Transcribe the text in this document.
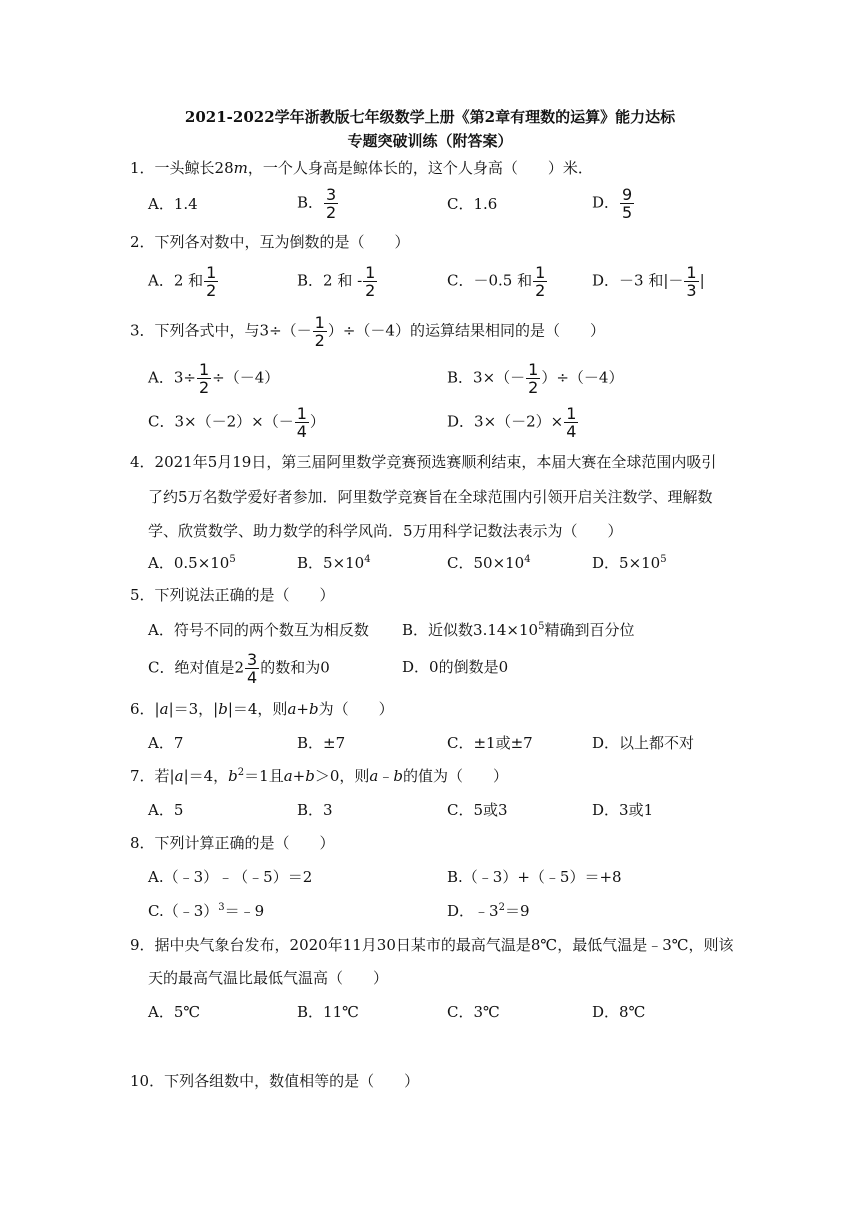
2021-2022学年浙教版七年级数学上册《第2章有理数的运算》能力达标
专题突破训练（附答案）
1．一头鲸长28m，一个人身高是鲸体长的，这个人身高（　　）米．
A．1.4	B． $\frac{3}{2}$	C．1.6	D． $\frac{9}{5}$
2．下列各对数中，互为倒数的是（　　）
A．2 和 $\frac{1}{2}$	B．2 和 - $\frac{1}{2}$	C．－0.5 和 $\frac{1}{2}$	D．－3 和|－ $\frac{1}{3}$ |
3．下列各式中，与$3\div(- \frac{1}{2} )\div(-4)$的运算结果相同的是（　　）
A．$3\div \frac{1}{2} \div(-4)$	B．$3\times(- \frac{1}{2} )\div(-4)$
C．$3\times(-2)\times(- \frac{1}{4}$ ）	D．$3\times(-2)\times \frac{1}{4}$
4．2021年5月19日，第三届阿里数学竞赛预选赛顺利结束，本届大赛在全球范围内吸引
了约5万名数学爱好者参加．阿里数学竞赛旨在全球范围内引领开启关注数学、理解数
学、欣赏数学、助力数学的科学风尚．5万用科学记数法表示为（　　）
A．$0.5\times 10^5$	B．$5\times 10^4$	C．$50\times 10^4$	D．$5\times 10^5$
5．下列说法正确的是（　　）
A．符号不同的两个数互为相反数 B．近似数$3.14\times 10^5$精确到百分位
C．绝对值是$2 \frac{3}{4}$ 的数和为0	D．0的倒数是0
6．|a|＝3，|b|＝4，则a+b为（　　）
A．7	B．±7	C．±1或±7	D．以上都不对
7．若|a|＝4，$b^2=1$且a+b＞0，则a﹣b的值为（　　）
A．5	B．3	C．5或3	D．3或1
8．下列计算正确的是（　　）
A.（﹣3）﹣（﹣5）＝2	B.（﹣3）+（﹣5）＝+8
C.（﹣3）$^3$＝﹣9	D．$﹣3^2=9$
9．据中央气象台发布，2020年11月30日某市的最高气温是8℃，最低气温是﹣3℃，则该
天的最高气温比最低气温高（　　）
A．5℃	B．11℃	C．3℃	D．8℃
10．下列各组数中，数值相等的是（　　）
